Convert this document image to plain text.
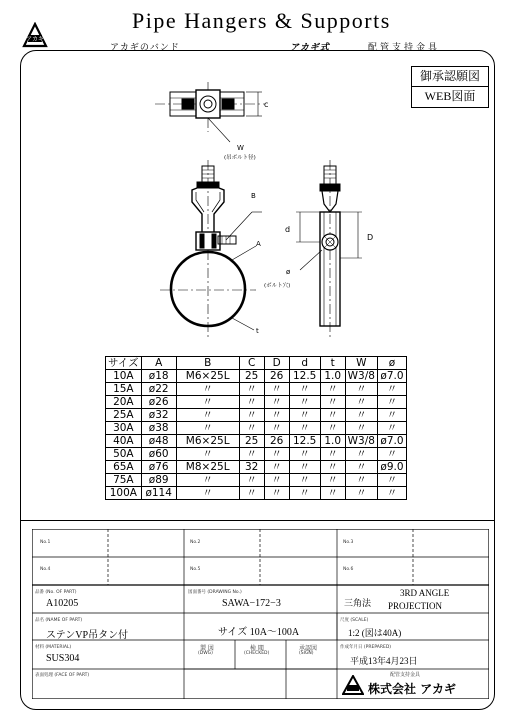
アカギ
Pipe Hangers & Supports
アカギのバンド	アカギ式	配管支持金具
御承認願図
WEB図面
c
W
(吊ボルト径)
B
A
d
D
ø
(ボルト穴)
t
サイズ	A	B	C	D	d	t	W	ø
10A	ø18	M6×25L	25	26	12.5	1.0	W3/8	ø7.0
15A	ø22	〃	〃	〃	〃	〃	〃	〃
20A	ø26	〃	〃	〃	〃	〃	〃	〃
25A	ø32	〃	〃	〃	〃	〃	〃	〃
30A	ø38	〃	〃	〃	〃	〃	〃	〃
40A	ø48	M6×25L	25	26	12.5	1.0	W3/8	ø7.0
50A	ø60	〃	〃	〃	〃	〃	〃	〃
65A	ø76	M8×25L	32	〃	〃	〃	〃	ø9.0
75A	ø89	〃	〃	〃	〃	〃	〃	〃
100A	ø114	〃	〃	〃	〃	〃	〃	〃
No.1	No.2	No.3
No.4	No.5	No.6
品番 (No. OF PART)
A10205
図面番号 (DRAWING No.)
SAWA−172−3	三角法
3RD ANGLE
PROJECTION
品名 (NAME OF PART)
ステンVP吊タン付	サイズ 10A〜100A
尺度 (SCALE)
1:2 (図は40A)
材料 (MATERIAL)
SUS304
製 図
(DWG)
検 閲
(CHECKED)
承認図
(SIGN)
作成年月日 (PREPARED)
平成13年4月23日
表面処理 (FACE OF PART)	配管支持金具
株式会社 アカギ
